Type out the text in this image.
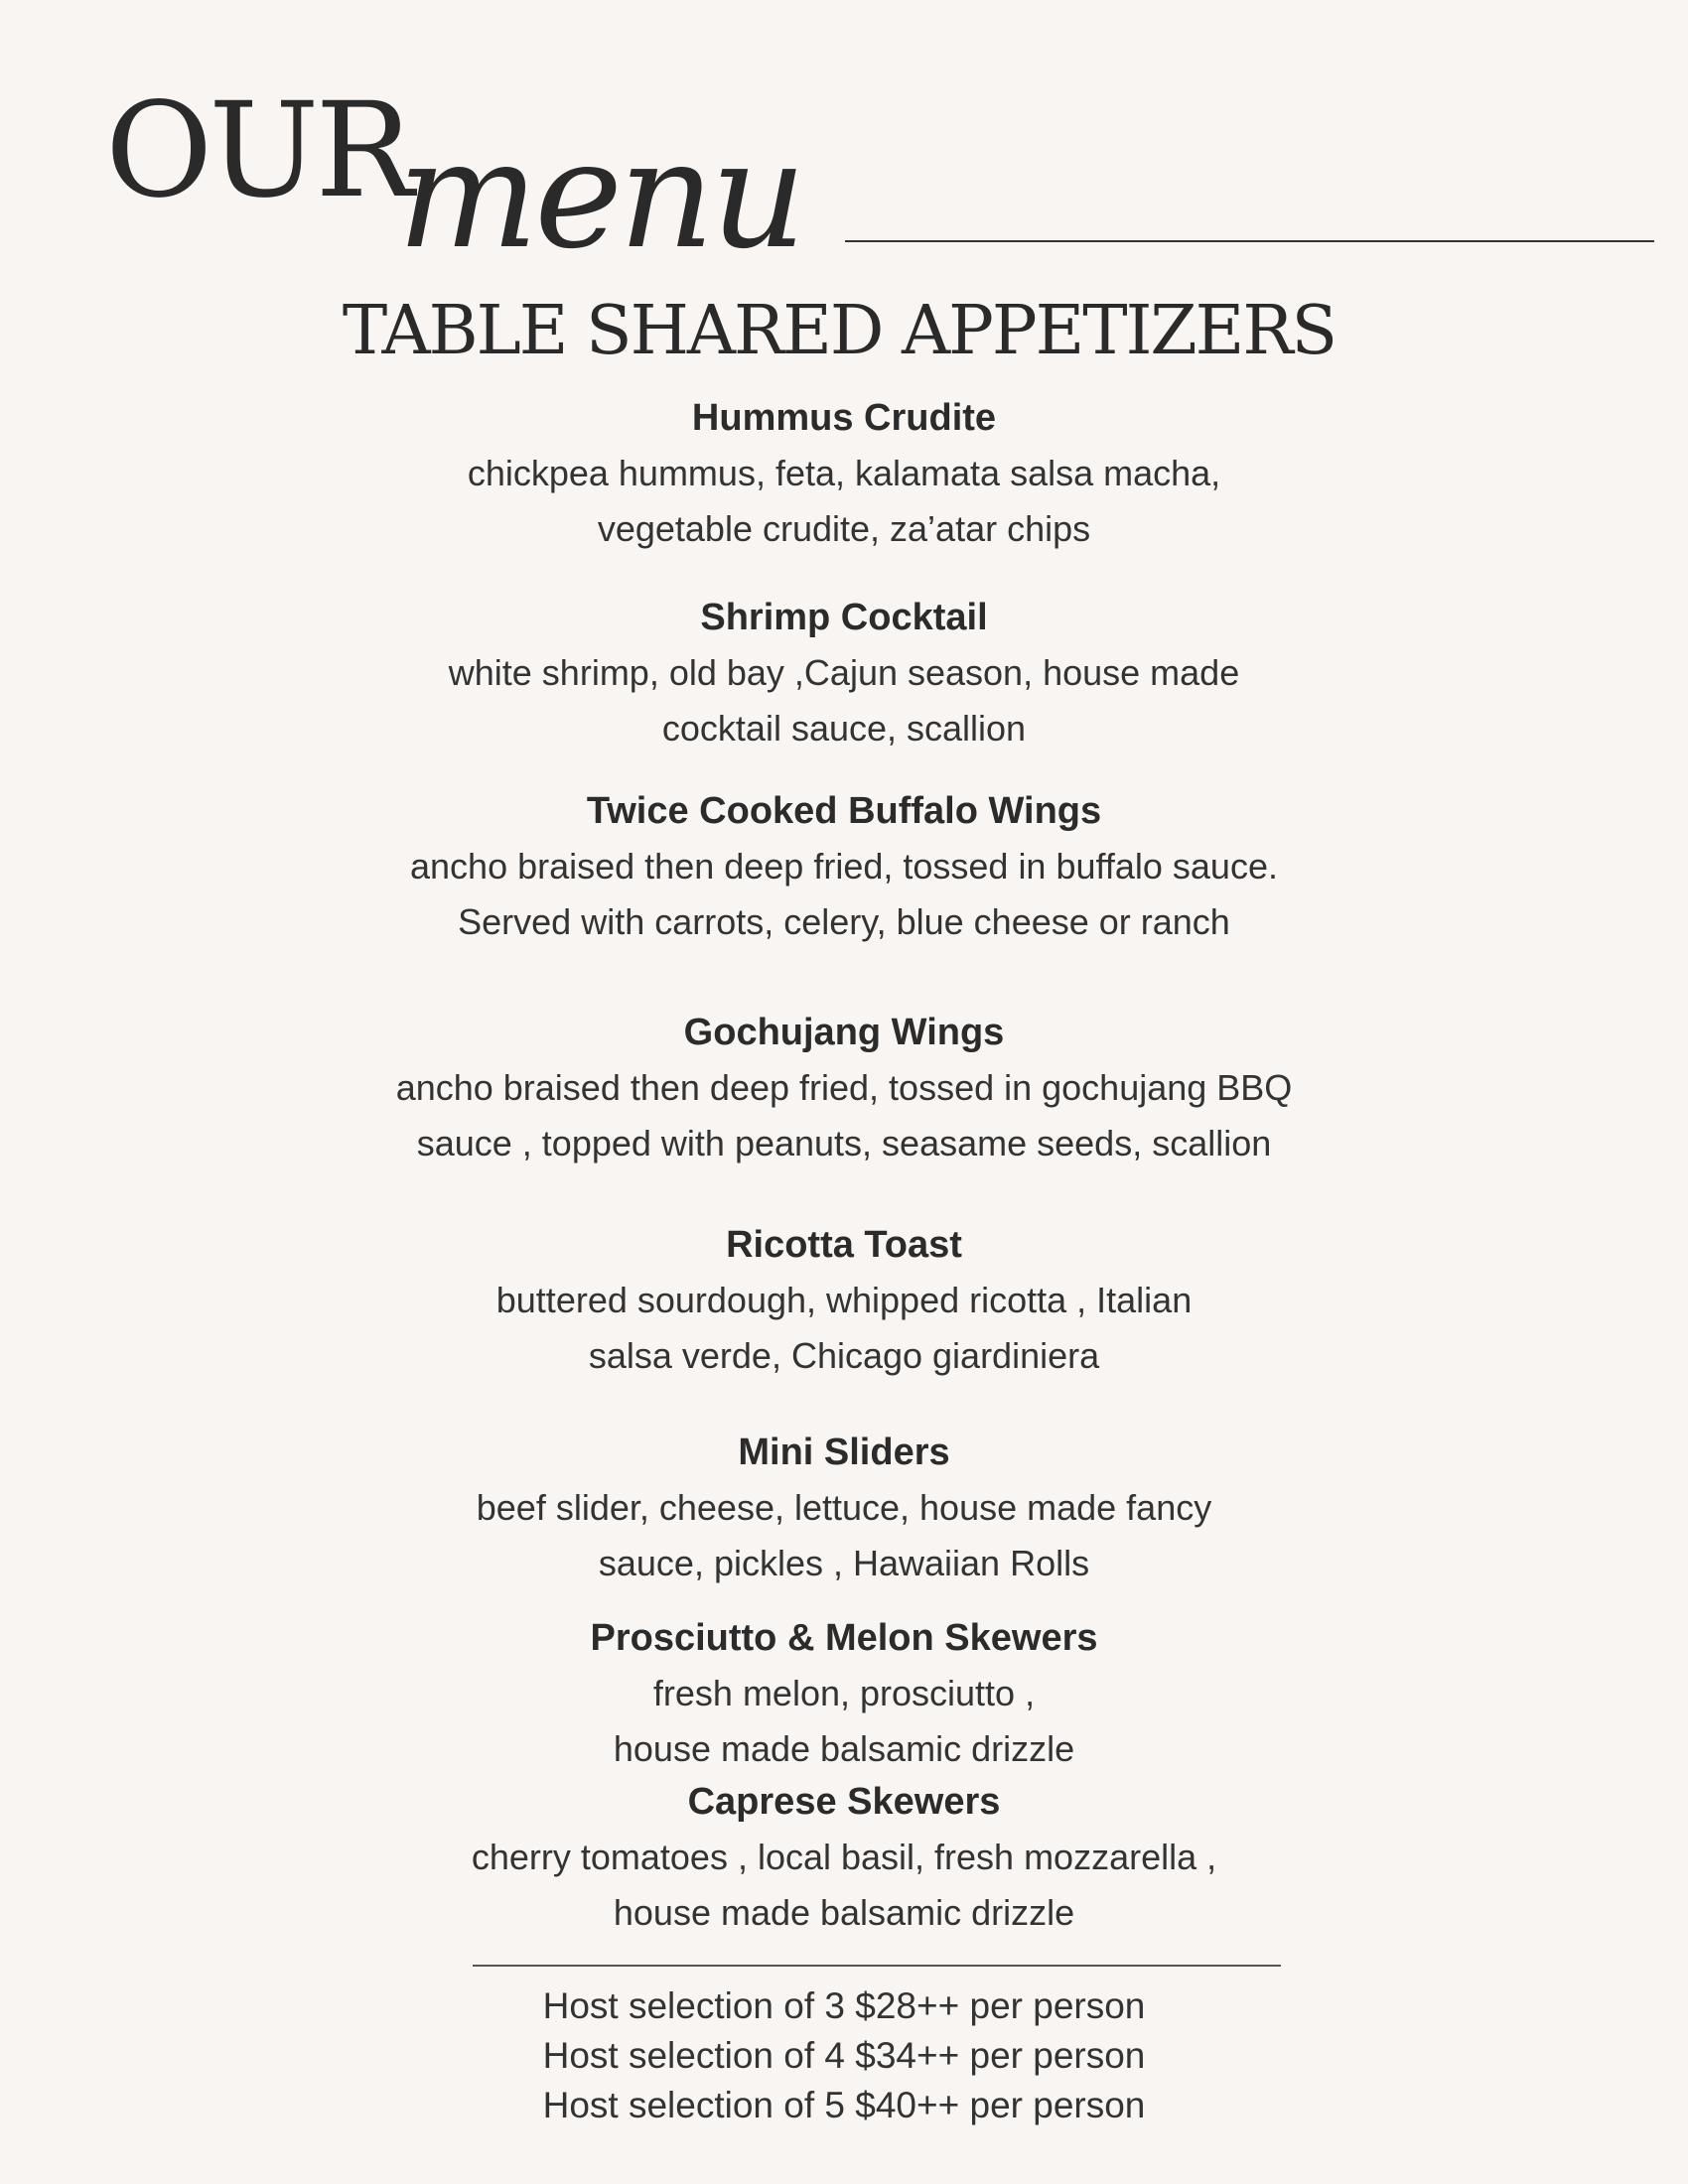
OUR
menu
TABLE SHARED APPETIZERS
Hummus Crudite
chickpea hummus, feta, kalamata salsa macha,
vegetable crudite, za’atar chips
Shrimp Cocktail
white shrimp, old bay ,Cajun season, house made
cocktail sauce, scallion
Twice Cooked Buffalo Wings
ancho braised then deep fried, tossed in buffalo sauce.
Served with carrots, celery, blue cheese or ranch
Gochujang Wings
ancho braised then deep fried, tossed in gochujang BBQ
sauce , topped with peanuts, seasame seeds, scallion
Ricotta Toast
buttered sourdough, whipped ricotta , Italian
salsa verde, Chicago giardiniera
Mini Sliders
beef slider, cheese, lettuce, house made fancy
sauce, pickles , Hawaiian Rolls
Prosciutto & Melon Skewers
fresh melon, prosciutto ,
house made balsamic drizzle
Caprese Skewers
cherry tomatoes , local basil, fresh mozzarella ,
house made balsamic drizzle
Host selection of 3 $28++ per person
Host selection of 4 $34++ per person
Host selection of 5 $40++ per person
